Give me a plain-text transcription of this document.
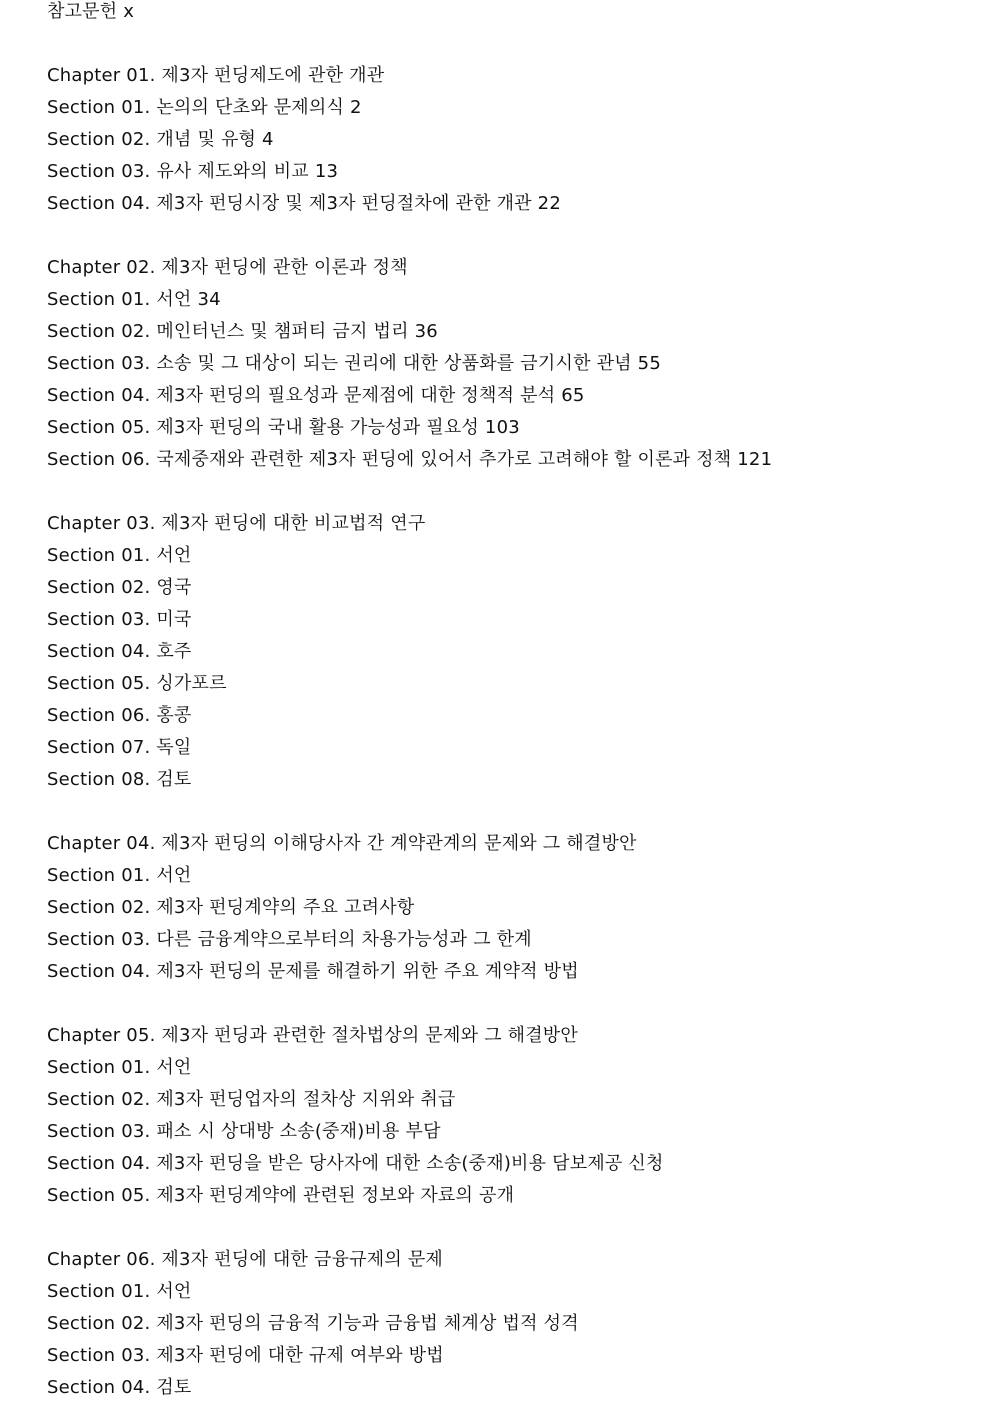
참고문헌 x
Chapter 01. 제3자 펀딩제도에 관한 개관
Section 01. 논의의 단초와 문제의식 2
Section 02. 개념 및 유형 4
Section 03. 유사 제도와의 비교 13
Section 04. 제3자 펀딩시장 및 제3자 펀딩절차에 관한 개관 22
Chapter 02. 제3자 펀딩에 관한 이론과 정책
Section 01. 서언 34
Section 02. 메인터넌스 및 챔퍼티 금지 법리 36
Section 03. 소송 및 그 대상이 되는 권리에 대한 상품화를 금기시한 관념 55
Section 04. 제3자 펀딩의 필요성과 문제점에 대한 정책적 분석 65
Section 05. 제3자 펀딩의 국내 활용 가능성과 필요성 103
Section 06. 국제중재와 관련한 제3자 펀딩에 있어서 추가로 고려해야 할 이론과 정책 121
Chapter 03. 제3자 펀딩에 대한 비교법적 연구
Section 01. 서언
Section 02. 영국
Section 03. 미국
Section 04. 호주
Section 05. 싱가포르
Section 06. 홍콩
Section 07. 독일
Section 08. 검토
Chapter 04. 제3자 펀딩의 이해당사자 간 계약관계의 문제와 그 해결방안
Section 01. 서언
Section 02. 제3자 펀딩계약의 주요 고려사항
Section 03. 다른 금융계약으로부터의 차용가능성과 그 한계
Section 04. 제3자 펀딩의 문제를 해결하기 위한 주요 계약적 방법
Chapter 05. 제3자 펀딩과 관련한 절차법상의 문제와 그 해결방안
Section 01. 서언
Section 02. 제3자 펀딩업자의 절차상 지위와 취급
Section 03. 패소 시 상대방 소송(중재)비용 부담
Section 04. 제3자 펀딩을 받은 당사자에 대한 소송(중재)비용 담보제공 신청
Section 05. 제3자 펀딩계약에 관련된 정보와 자료의 공개
Chapter 06. 제3자 펀딩에 대한 금융규제의 문제
Section 01. 서언
Section 02. 제3자 펀딩의 금융적 기능과 금융법 체계상 법적 성격
Section 03. 제3자 펀딩에 대한 규제 여부와 방법
Section 04. 검토
